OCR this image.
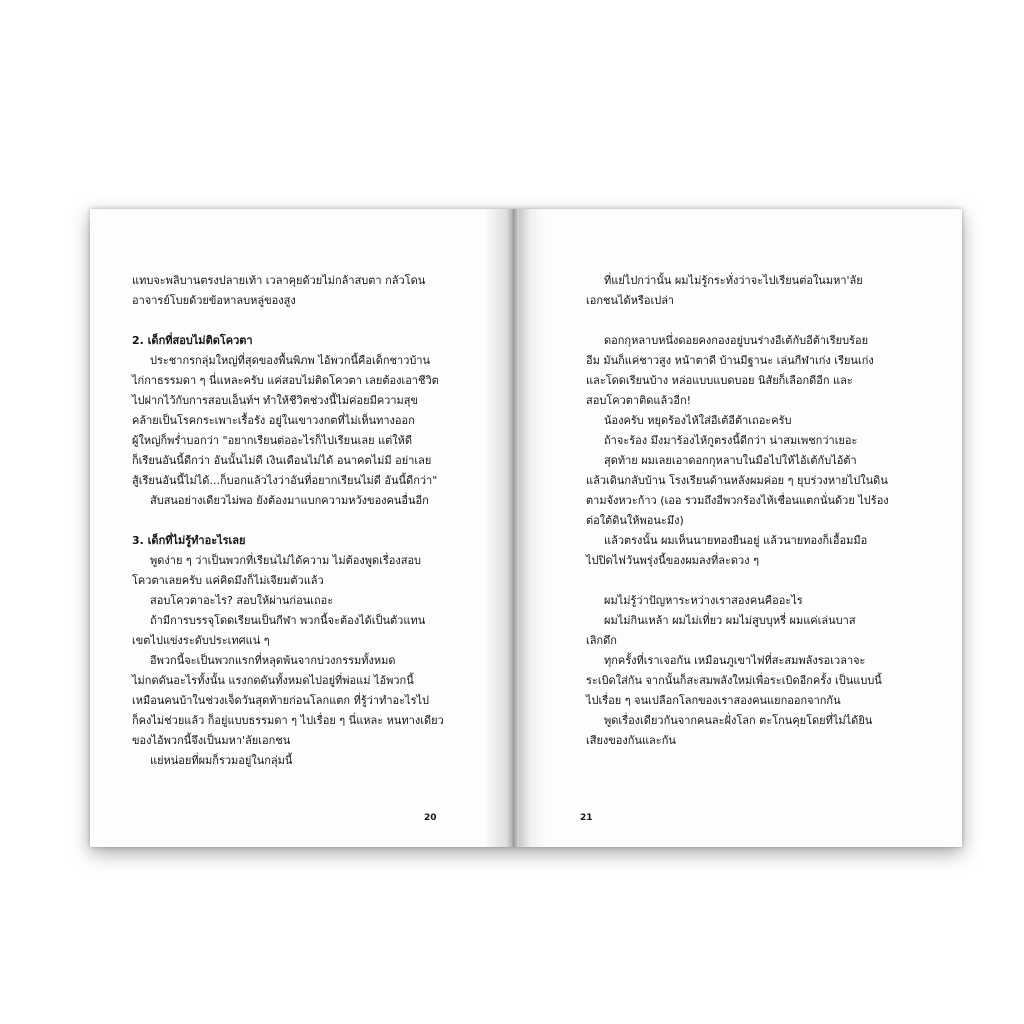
แทบจะพลิบานตรงปลายเท้า เวลาคุยด้วยไม่กล้าสบตา กลัวโดน
อาจารย์โบยด้วยข้อหาลบหลู่ของสูง
2. เด็กที่สอบไม่ติดโควตา
ประชากรกลุ่มใหญ่ที่สุดของพื้นพิภพ ไอ้พวกนี้คือเด็กชาวบ้าน
ไก่กาธรรมดา ๆ นี่แหละครับ แค่สอบไม่ติดโควตา เลยต้องเอาชีวิต
ไปฝากไว้กับการสอบเอ็นท์ฯ ทำให้ชีวิตช่วงนี้ไม่ค่อยมีความสุข
คล้ายเป็นโรคกระเพาะเรื้อรัง อยู่ในเขาวงกตที่ไม่เห็นทางออก
ผู้ใหญ่ก็พร่ำบอกว่า "อยากเรียนต่ออะไรก็ไปเรียนเลย แต่ให้ดี
ก็เรียนอันนี้ดีกว่า อันนั้นไม่ดี เงินเดือนไม่ได้ อนาคตไม่มี อย่าเลย
สู้เรียนอันนี้ไม่ได้...ก็บอกแล้วไงว่าอันที่อยากเรียนไม่ดี อันนี้ดีกว่า"
สับสนอย่างเดียวไม่พอ ยังต้องมาแบกความหวังของคนอื่นอีก
3. เด็กที่ไม่รู้ทำอะไรเลย
พูดง่าย ๆ ว่าเป็นพวกที่เรียนไม่ได้ความ ไม่ต้องพูดเรื่องสอบ
โควตาเลยครับ แค่คิดมึงก็ไม่เจียมตัวแล้ว
สอบโควตาอะไร? สอบให้ผ่านก่อนเถอะ
ถ้ามีการบรรจุโดดเรียนเป็นกีฬา พวกนี้จะต้องได้เป็นตัวแทน
เขตไปแข่งระดับประเทศแน่ ๆ
อีพวกนี้จะเป็นพวกแรกที่หลุดพ้นจากบ่วงกรรมทั้งหมด
ไม่กดดันอะไรทั้งนั้น แรงกดดันทั้งหมดไปอยู่ที่พ่อแม่ ไอ้พวกนี้
เหมือนคนบ้าในช่วงเจ็ดวันสุดท้ายก่อนโลกแตก ที่รู้ว่าทำอะไรไป
ก็คงไม่ช่วยแล้ว ก็อยู่แบบธรรมดา ๆ ไปเรื่อย ๆ นี่แหละ หนทางเดียว
ของไอ้พวกนี้จึงเป็นมหา'ลัยเอกชน
แย่หน่อยที่ผมก็รวมอยู่ในกลุ่มนี้
20
ที่แย่ไปกว่านั้น ผมไม่รู้กระทั่งว่าจะไปเรียนต่อในมหา'ลัย
เอกชนได้หรือเปล่า
ดอกกุหลาบหนึ่งดอยคงกองอยู่บนร่างอีเต้กับอีต้าเรียบร้อย
อีม มันก็แค่ชาวสูง หน้าตาดี บ้านมีฐานะ เล่นกีฬาเก่ง เรียนเก่ง
และโดดเรียนบ้าง หล่อแบบแบดบอย นิสัยก็เลือกดีอีก และ
สอบโควตาติดแล้วอีก!
น้องครับ หยุดร้องไห้ใส่อีเต้อีต้าเถอะครับ
ถ้าจะร้อง มึงมาร้องไห้กูตรงนี้ดีกว่า น่าสมเพชกว่าเยอะ
สุดท้าย ผมเลยเอาดอกกุหลาบในมือไปให้ไอ้เต้กับไอ้ต้า
แล้วเดินกลับบ้าน โรงเรียนด้านหลังผมค่อย ๆ ยุบร่วงหายไปในดิน
ตามจังหวะก้าว (เออ รวมถึงอีพวกร้องไห้เชื่อนแตกนั่นด้วย ไปร้อง
ต่อใต้ดินให้พอนะมึง)
แล้วตรงนั้น ผมเห็นนายทองยืนอยู่ แล้วนายทองก็เอื้อมมือ
ไปปิดไฟวันพรุ่งนี้ของผมลงที่ละดวง ๆ
ผมไม่รู้ว่าปัญหาระหว่างเราสองคนคืออะไร
ผมไม่กินเหล้า ผมไม่เที่ยว ผมไม่สูบบุหรี่ ผมแค่เล่นบาส
เลิกดึก
ทุกครั้งที่เราเจอกัน เหมือนภูเขาไฟที่สะสมพลังรอเวลาจะ
ระเบิดใส่กัน จากนั้นก็สะสมพลังใหม่เพื่อระเบิดอีกครั้ง เป็นแบบนี้
ไปเรื่อย ๆ จนเปลือกโลกของเราสองคนแยกออกจากกัน
พูดเรื่องเดียวกันจากคนละฝั่งโลก ตะโกนคุยโดยที่ไม่ได้ยิน
เสียงของกันและกัน
21
